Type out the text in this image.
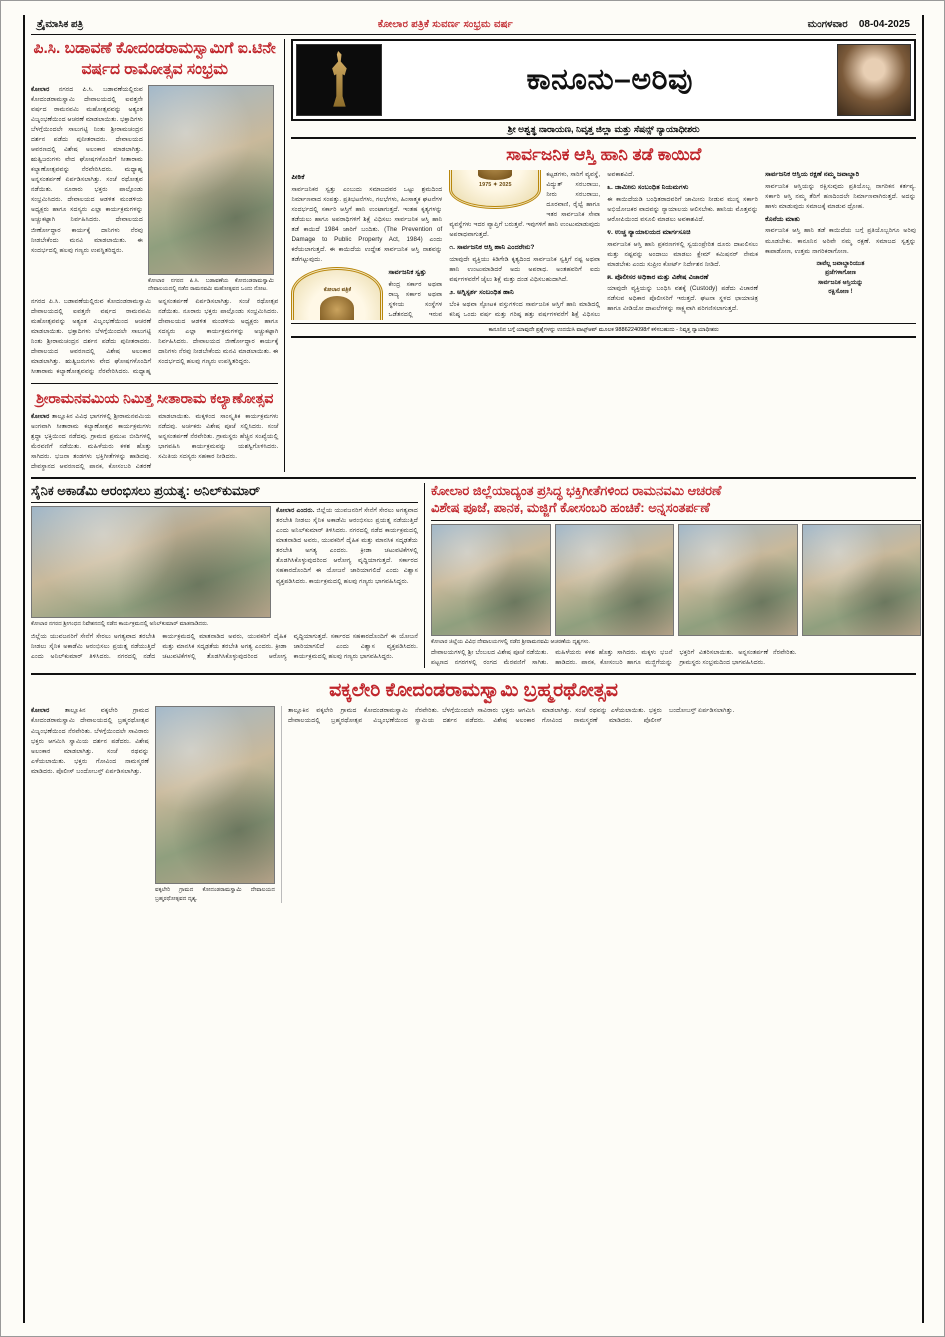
ತ್ರೈಮಾಸಿಕ ಪತ್ರಿ	ಕೋಲಾರ ಪತ್ರಿಕೆ ಸುವರ್ಣ ಸಂಭ್ರಮ ವರ್ಷ	ಮಂಗಳವಾರ 08-04-2025
ಪಿ.ಸಿ. ಬಡಾವಣೆ ಕೋದಂಡರಾಮಸ್ವಾಮಿಗೆ ಐ.ಟಿನೇ ವರ್ಷದ ರಾಮೋತ್ಸವ ಸಂಭ್ರಮ
ಕೋಲಾರ ನಗರದ ಪಿ.ಸಿ. ಬಡಾವಣೆಯಲ್ಲಿರುವ ಕೋದಂಡರಾಮಸ್ವಾಮಿ ದೇವಾಲಯದಲ್ಲಿ ಐವತ್ತನೇ ವರ್ಷದ ರಾಮನವಮಿ ಮಹೋತ್ಸವವನ್ನು ಅತ್ಯಂತ ವಿಜೃಂಭಣೆಯಿಂದ ಆಚರಣೆ ಮಾಡಲಾಯಿತು. ಭಕ್ತಾದಿಗಳು ಬೆಳಗ್ಗೆಯಿಂದಲೇ ಸಾಲುಗಟ್ಟಿ ನಿಂತು ಶ್ರೀರಾಮಚಂದ್ರನ ದರ್ಶನ ಪಡೆದು ಪುನೀತರಾದರು. ದೇವಾಲಯದ ಆವರಣದಲ್ಲಿ ವಿಶೇಷ ಅಲಂಕಾರ ಮಾಡಲಾಗಿತ್ತು. ಋತ್ವಿಜರುಗಳು ವೇದ ಘೋಷಗಳೊಂದಿಗೆ ಸೀತಾರಾಮ ಕಲ್ಯಾಣೋತ್ಸವವನ್ನು ನೆರವೇರಿಸಿದರು. ಮಧ್ಯಾಹ್ನ ಅನ್ನಸಂತರ್ಪಣೆ ಏರ್ಪಡಿಸಲಾಗಿತ್ತು. ಸಂಜೆ ರಥೋತ್ಸವ ನಡೆಯಿತು. ನೂರಾರು ಭಕ್ತರು ಪಾಲ್ಗೊಂಡು ಸಂಭ್ರಮಿಸಿದರು. ದೇವಾಲಯದ ಆಡಳಿತ ಮಂಡಳಿಯ ಅಧ್ಯಕ್ಷರು ಹಾಗೂ ಸದಸ್ಯರು ಎಲ್ಲಾ ಕಾರ್ಯಕ್ರಮಗಳನ್ನು ಅಚ್ಚುಕಟ್ಟಾಗಿ ನಿರ್ವಹಿಸಿದರು. ದೇವಾಲಯದ ಜೀರ್ಣೋದ್ಧಾರ ಕಾರ್ಯಕ್ಕೆ ದಾನಿಗಳು ನೆರವು ನೀಡಬೇಕೆಂದು ಮನವಿ ಮಾಡಲಾಯಿತು. ಈ ಸಂದರ್ಭದಲ್ಲಿ ಹಲವು ಗಣ್ಯರು ಉಪಸ್ಥಿತರಿದ್ದರು.
ಕೋಲಾರ ನಗರದ ಪಿ.ಸಿ. ಬಡಾವಣೆಯ ಕೋದಂಡರಾಮಸ್ವಾಮಿ ದೇವಾಲಯದಲ್ಲಿ ನಡೆದ ರಾಮನವಮಿ ಮಹೋತ್ಸವದ ಒಂದು ನೋಟ.
ನಗರದ ಪಿ.ಸಿ. ಬಡಾವಣೆಯಲ್ಲಿರುವ ಕೋದಂಡರಾಮಸ್ವಾಮಿ ದೇವಾಲಯದಲ್ಲಿ ಐವತ್ತನೇ ವರ್ಷದ ರಾಮನವಮಿ ಮಹೋತ್ಸವವನ್ನು ಅತ್ಯಂತ ವಿಜೃಂಭಣೆಯಿಂದ ಆಚರಣೆ ಮಾಡಲಾಯಿತು. ಭಕ್ತಾದಿಗಳು ಬೆಳಗ್ಗೆಯಿಂದಲೇ ಸಾಲುಗಟ್ಟಿ ನಿಂತು ಶ್ರೀರಾಮಚಂದ್ರನ ದರ್ಶನ ಪಡೆದು ಪುನೀತರಾದರು. ದೇವಾಲಯದ ಆವರಣದಲ್ಲಿ ವಿಶೇಷ ಅಲಂಕಾರ ಮಾಡಲಾಗಿತ್ತು. ಋತ್ವಿಜರುಗಳು ವೇದ ಘೋಷಗಳೊಂದಿಗೆ ಸೀತಾರಾಮ ಕಲ್ಯಾಣೋತ್ಸವವನ್ನು ನೆರವೇರಿಸಿದರು. ಮಧ್ಯಾಹ್ನ ಅನ್ನಸಂತರ್ಪಣೆ ಏರ್ಪಡಿಸಲಾಗಿತ್ತು. ಸಂಜೆ ರಥೋತ್ಸವ ನಡೆಯಿತು. ನೂರಾರು ಭಕ್ತರು ಪಾಲ್ಗೊಂಡು ಸಂಭ್ರಮಿಸಿದರು. ದೇವಾಲಯದ ಆಡಳಿತ ಮಂಡಳಿಯ ಅಧ್ಯಕ್ಷರು ಹಾಗೂ ಸದಸ್ಯರು ಎಲ್ಲಾ ಕಾರ್ಯಕ್ರಮಗಳನ್ನು ಅಚ್ಚುಕಟ್ಟಾಗಿ ನಿರ್ವಹಿಸಿದರು. ದೇವಾಲಯದ ಜೀರ್ಣೋದ್ಧಾರ ಕಾರ್ಯಕ್ಕೆ ದಾನಿಗಳು ನೆರವು ನೀಡಬೇಕೆಂದು ಮನವಿ ಮಾಡಲಾಯಿತು. ಈ ಸಂದರ್ಭದಲ್ಲಿ ಹಲವು ಗಣ್ಯರು ಉಪಸ್ಥಿತರಿದ್ದರು.
ಶ್ರೀರಾಮನವಮಿಯ ನಿಮಿತ್ತ ಸೀತಾರಾಮ ಕಲ್ಯಾಣೋತ್ಸವ
ಕೋಲಾರ ತಾಲ್ಲೂಕಿನ ವಿವಿಧ ಭಾಗಗಳಲ್ಲಿ ಶ್ರೀರಾಮನವಮಿಯ ಅಂಗವಾಗಿ ಸೀತಾರಾಮ ಕಲ್ಯಾಣೋತ್ಸವ ಕಾರ್ಯಕ್ರಮಗಳು ಶ್ರದ್ಧಾ ಭಕ್ತಿಯಿಂದ ನಡೆದವು. ಗ್ರಾಮದ ಪ್ರಮುಖ ಬೀದಿಗಳಲ್ಲಿ ಮೆರವಣಿಗೆ ನಡೆಯಿತು. ಮಹಿಳೆಯರು ಕಳಶ ಹೊತ್ತು ಸಾಗಿದರು. ಭಜನಾ ತಂಡಗಳು ಭಕ್ತಿಗೀತೆಗಳನ್ನು ಹಾಡಿದವು. ದೇವಸ್ಥಾನದ ಆವರಣದಲ್ಲಿ ಪಾನಕ, ಕೋಸಂಬರಿ ವಿತರಣೆ ಮಾಡಲಾಯಿತು. ಮಕ್ಕಳಿಂದ ಸಾಂಸ್ಕೃತಿಕ ಕಾರ್ಯಕ್ರಮಗಳು ನಡೆದವು. ಅರ್ಚಕರು ವಿಶೇಷ ಪೂಜೆ ಸಲ್ಲಿಸಿದರು. ಸಂಜೆ ಅನ್ನಸಂತರ್ಪಣೆ ನೆರವೇರಿತು. ಗ್ರಾಮಸ್ಥರು ಹೆಚ್ಚಿನ ಸಂಖ್ಯೆಯಲ್ಲಿ ಭಾಗವಹಿಸಿ ಕಾರ್ಯಕ್ರಮವನ್ನು ಯಶಸ್ವಿಗೊಳಿಸಿದರು. ಸಮಿತಿಯ ಸದಸ್ಯರು ಸಹಕಾರ ನೀಡಿದರು.
ಕಾನೂನು–ಅರಿವು
ಶ್ರೀ ಅಶ್ವತ್ಥ ನಾರಾಯಣ, ನಿವೃತ್ತ ಜಿಲ್ಲಾ ಮತ್ತು ಸೆಷನ್ಸ್ ನ್ಯಾಯಾಧೀಶರು
ಸಾರ್ವಜನಿಕ ಆಸ್ತಿ ಹಾನಿ ತಡೆ ಕಾಯಿದೆ
ಪೀಠಿಕೆ
ಸಾರ್ವಜನಿಕರ ಸ್ವತ್ತು ಎಂಬುದು ಸಮಾಜದವರ ಒಟ್ಟು ಶ್ರಮದಿಂದ ನಿರ್ಮಾಣವಾದ ಸಂಪತ್ತು. ಪ್ರತಿಭಟನೆಗಳು, ಗಲಭೆಗಳು, ಹಿಂಸಾತ್ಮಕ ಘಟನೆಗಳ ಸಂದರ್ಭದಲ್ಲಿ ಸರ್ಕಾರಿ ಆಸ್ತಿಗೆ ಹಾನಿ ಉಂಟಾಗುತ್ತದೆ. ಇಂತಹ ಕೃತ್ಯಗಳನ್ನು ತಡೆಯಲು ಹಾಗೂ ಅಪರಾಧಿಗಳಿಗೆ ಶಿಕ್ಷೆ ವಿಧಿಸಲು ಸಾರ್ವಜನಿಕ ಆಸ್ತಿ ಹಾನಿ ತಡೆ ಕಾಯಿದೆ 1984 ಜಾರಿಗೆ ಬಂದಿತು. (The Prevention of Damage to Public Property Act, 1984) ಎಂದು ಕರೆಯಲಾಗುತ್ತದೆ. ಈ ಕಾಯಿದೆಯ ಉದ್ದೇಶ ಸಾರ್ವಜನಿಕ ಆಸ್ತಿ ನಾಶವನ್ನು ತಡೆಗಟ್ಟುವುದು.
ಕೋಲಾರ ಪತ್ರಿಕೆ
1975 ✦ 2025
ಸಾರ್ವಜನಿಕ ಸ್ವತ್ತು
ಕೇಂದ್ರ ಸರ್ಕಾರ ಅಥವಾ ರಾಜ್ಯ ಸರ್ಕಾರ ಅಥವಾ ಸ್ಥಳೀಯ ಸಂಸ್ಥೆಗಳ ಒಡೆತನದಲ್ಲಿ ಇರುವ ಕಟ್ಟಡಗಳು, ಸಾರಿಗೆ ವ್ಯವಸ್ಥೆ, ವಿದ್ಯುತ್ ಸರಬರಾಜು, ನೀರು ಸರಬರಾಜು, ದೂರವಾಣಿ, ರೈಲ್ವೆ ಹಾಗೂ ಇತರ ಸಾರ್ವಜನಿಕ ಸೇವಾ ವ್ಯವಸ್ಥೆಗಳು ಇದರ ವ್ಯಾಪ್ತಿಗೆ ಬರುತ್ತವೆ. ಇವುಗಳಿಗೆ ಹಾನಿ ಉಂಟುಮಾಡುವುದು ಅಪರಾಧವಾಗುತ್ತದೆ.
೧. ಸಾರ್ವಜನಿಕ ಆಸ್ತಿ ಹಾನಿ ಎಂದರೇನು?
ಯಾವುದೇ ವ್ಯಕ್ತಿಯು ಕಿಡಿಗೇಡಿ ಕೃತ್ಯದಿಂದ ಸಾರ್ವಜನಿಕ ಸ್ವತ್ತಿಗೆ ನಷ್ಟ ಅಥವಾ ಹಾನಿ ಉಂಟುಮಾಡಿದರೆ ಅದು ಅಪರಾಧ. ಅಂತಹವರಿಗೆ ಐದು ವರ್ಷಗಳವರೆಗೆ ಜೈಲು ಶಿಕ್ಷೆ ಮತ್ತು ದಂಡ ವಿಧಿಸಬಹುದಾಗಿದೆ.
೨. ಅಗ್ನಿಸ್ಪರ್ಶ ಸಂಬಂಧಿತ ಹಾನಿ
ಬೆಂಕಿ ಅಥವಾ ಸ್ಫೋಟಕ ವಸ್ತುಗಳಿಂದ ಸಾರ್ವಜನಿಕ ಆಸ್ತಿಗೆ ಹಾನಿ ಮಾಡಿದಲ್ಲಿ ಕನಿಷ್ಠ ಒಂದು ವರ್ಷ ಮತ್ತು ಗರಿಷ್ಠ ಹತ್ತು ವರ್ಷಗಳವರೆಗೆ ಶಿಕ್ಷೆ ವಿಧಿಸಲು ಅವಕಾಶವಿದೆ.
೩. ಜಾಮೀನು ಸಂಬಂಧಿತ ನಿಯಮಗಳು
ಈ ಕಾಯಿದೆಯಡಿ ಬಂಧಿತರಾದವರಿಗೆ ಜಾಮೀನು ನೀಡುವ ಮುನ್ನ ಸರ್ಕಾರಿ ಅಭಿಯೋಜಕರ ವಾದವನ್ನು ನ್ಯಾಯಾಲಯ ಆಲಿಸಬೇಕು. ಹಾನಿಯ ಮೊತ್ತವನ್ನು ಆರೋಪಿಯಿಂದ ವಸೂಲಿ ಮಾಡಲು ಅವಕಾಶವಿದೆ.
೪. ಉಚ್ಚ ನ್ಯಾಯಾಲಯದ ಮಾರ್ಗಸೂಚಿ
ಸಾರ್ವಜನಿಕ ಆಸ್ತಿ ಹಾನಿ ಪ್ರಕರಣಗಳಲ್ಲಿ ಸ್ವಯಂಪ್ರೇರಿತ ದೂರು ದಾಖಲಿಸಲು ಮತ್ತು ನಷ್ಟವನ್ನು ಅಂದಾಜು ಮಾಡಲು ಕ್ಲೇಮ್ ಕಮಿಷನರ್ ನೇಮಕ ಮಾಡಬೇಕು ಎಂದು ಸುಪ್ರೀಂ ಕೋರ್ಟ್ ನಿರ್ದೇಶನ ನೀಡಿದೆ.
೫. ಪೊಲೀಸರ ಅಧಿಕಾರ ಮತ್ತು ವಿಶೇಷ ವಿಚಾರಣೆ
ಯಾವುದೇ ವ್ಯಕ್ತಿಯನ್ನು ಬಂಧಿಸಿ ವಶಕ್ಕೆ (Custody) ಪಡೆದು ವಿಚಾರಣೆ ನಡೆಸುವ ಅಧಿಕಾರ ಪೊಲೀಸರಿಗೆ ಇರುತ್ತದೆ. ಘಟನಾ ಸ್ಥಳದ ಛಾಯಾಚಿತ್ರ ಹಾಗೂ ವೀಡಿಯೋ ದಾಖಲೆಗಳನ್ನು ಸಾಕ್ಷ್ಯವಾಗಿ ಪರಿಗಣಿಸಲಾಗುತ್ತದೆ.
ಸಾರ್ವಜನಿಕ ಆಸ್ತಿಯ ರಕ್ಷಣೆ ನಮ್ಮ ಜವಾಬ್ದಾರಿ
ಸಾರ್ವಜನಿಕ ಆಸ್ತಿಯನ್ನು ರಕ್ಷಿಸುವುದು ಪ್ರತಿಯೊಬ್ಬ ನಾಗರಿಕನ ಕರ್ತವ್ಯ. ಸರ್ಕಾರಿ ಆಸ್ತಿ ನಮ್ಮ ತೆರಿಗೆ ಹಣದಿಂದಲೇ ನಿರ್ಮಾಣವಾಗಿರುತ್ತದೆ. ಅದನ್ನು ಹಾಳು ಮಾಡುವುದು ಸಮಾಜಕ್ಕೆ ಮಾಡುವ ದ್ರೋಹ.
ಕೊನೆಯ ಮಾತು
ಸಾರ್ವಜನಿಕ ಆಸ್ತಿ ಹಾನಿ ತಡೆ ಕಾಯಿದೆಯ ಬಗ್ಗೆ ಪ್ರತಿಯೊಬ್ಬರಿಗೂ ಅರಿವು ಮೂಡಬೇಕು. ಕಾನೂನಿನ ಅರಿವೇ ನಮ್ಮ ರಕ್ಷಣೆ. ಸಮಾಜದ ಸ್ವತ್ತನ್ನು ಕಾಪಾಡೋಣ, ಉತ್ತಮ ನಾಗರಿಕರಾಗೋಣ.
ನಾವೆಲ್ಲ ಜವಾಬ್ದಾರಿಯುತ
ಪ್ರಜೆಗಳಾಗೋಣ
ಸಾರ್ವಜನಿಕ ಆಸ್ತಿಯನ್ನು
ರಕ್ಷಿಸೋಣ !
ಕಾನೂನಿನ ಬಗ್ಗೆ ಯಾವುದೇ ಪ್ರಶ್ನೆಗಳನ್ನು ಉದಯಿಸಿ ವಾಟ್ಸ್‌ಆಪ್ ಮೂಲಕ 9886224098ಗೆ ಕಳಿಸಬಹುದು - ನಿವೃತ್ತ ನ್ಯಾಯಾಧೀಶರು
ಸೈನಿಕ ಅಕಾಡೆಮಿ ಆರಂಭಿಸಲು ಪ್ರಯತ್ನ: ಅನಿಲ್‌ಕುಮಾರ್
ಕೋಲಾರ ನಗರದ ಶ್ರೀಗಂಧದ ನಿವೇಶನದಲ್ಲಿ ನಡೆದ ಕಾರ್ಯಕ್ರಮದಲ್ಲಿ ಅನಿಲ್‌ಕುಮಾರ್ ಮಾತನಾಡಿದರು.
ಕೋಲಾರ ಎಂದರು. ಜಿಲ್ಲೆಯ ಯುವಜನರಿಗೆ ಸೇನೆಗೆ ಸೇರಲು ಅಗತ್ಯವಾದ ತರಬೇತಿ ನೀಡಲು ಸೈನಿಕ ಅಕಾಡೆಮಿ ಆರಂಭಿಸಲು ಪ್ರಯತ್ನ ನಡೆಯುತ್ತಿದೆ ಎಂದು ಅನಿಲ್‌ಕುಮಾರ್ ತಿಳಿಸಿದರು. ನಗರದಲ್ಲಿ ನಡೆದ ಕಾರ್ಯಕ್ರಮದಲ್ಲಿ ಮಾತನಾಡಿದ ಅವರು, ಯುವಕರಿಗೆ ದೈಹಿಕ ಮತ್ತು ಮಾನಸಿಕ ಸದೃಢತೆಯ ತರಬೇತಿ ಅಗತ್ಯ ಎಂದರು. ಕ್ರೀಡಾ ಚಟುವಟಿಕೆಗಳಲ್ಲಿ ತೊಡಗಿಸಿಕೊಳ್ಳುವುದರಿಂದ ಆರೋಗ್ಯ ವೃದ್ಧಿಯಾಗುತ್ತದೆ. ಸರ್ಕಾರದ ಸಹಕಾರದೊಂದಿಗೆ ಈ ಯೋಜನೆ ಜಾರಿಯಾಗಲಿದೆ ಎಂದು ವಿಶ್ವಾಸ ವ್ಯಕ್ತಪಡಿಸಿದರು. ಕಾರ್ಯಕ್ರಮದಲ್ಲಿ ಹಲವು ಗಣ್ಯರು ಭಾಗವಹಿಸಿದ್ದರು.
ಜಿಲ್ಲೆಯ ಯುವಜನರಿಗೆ ಸೇನೆಗೆ ಸೇರಲು ಅಗತ್ಯವಾದ ತರಬೇತಿ ನೀಡಲು ಸೈನಿಕ ಅಕಾಡೆಮಿ ಆರಂಭಿಸಲು ಪ್ರಯತ್ನ ನಡೆಯುತ್ತಿದೆ ಎಂದು ಅನಿಲ್‌ಕುಮಾರ್ ತಿಳಿಸಿದರು. ನಗರದಲ್ಲಿ ನಡೆದ ಕಾರ್ಯಕ್ರಮದಲ್ಲಿ ಮಾತನಾಡಿದ ಅವರು, ಯುವಕರಿಗೆ ದೈಹಿಕ ಮತ್ತು ಮಾನಸಿಕ ಸದೃಢತೆಯ ತರಬೇತಿ ಅಗತ್ಯ ಎಂದರು. ಕ್ರೀಡಾ ಚಟುವಟಿಕೆಗಳಲ್ಲಿ ತೊಡಗಿಸಿಕೊಳ್ಳುವುದರಿಂದ ಆರೋಗ್ಯ ವೃದ್ಧಿಯಾಗುತ್ತದೆ. ಸರ್ಕಾರದ ಸಹಕಾರದೊಂದಿಗೆ ಈ ಯೋಜನೆ ಜಾರಿಯಾಗಲಿದೆ ಎಂದು ವಿಶ್ವಾಸ ವ್ಯಕ್ತಪಡಿಸಿದರು. ಕಾರ್ಯಕ್ರಮದಲ್ಲಿ ಹಲವು ಗಣ್ಯರು ಭಾಗವಹಿಸಿದ್ದರು.
ಕೋಲಾರ ಜಿಲ್ಲೆಯಾದ್ಯಂತ ಪ್ರಸಿದ್ಧ ಭಕ್ತಿಗೀತೆಗಳಿಂದ ರಾಮನವಮಿ ಆಚರಣೆ
ವಿಶೇಷ ಪೂಜೆ, ಪಾನಕ, ಮಜ್ಜಿಗೆ ಕೋಸಂಬರಿ ಹಂಚಿಕೆ: ಅನ್ನಸಂತರ್ಪಣೆ
ಕೋಲಾರ ಜಿಲ್ಲೆಯ ವಿವಿಧ ದೇವಾಲಯಗಳಲ್ಲಿ ನಡೆದ ಶ್ರೀರಾಮನವಮಿ ಆಚರಣೆಯ ದೃಶ್ಯಗಳು.
ದೇವಾಲಯಗಳಲ್ಲಿ ಶ್ರೀ ಬೆಂಬಲದ ವಿಶೇಷ ಪೂಜೆ ನಡೆಯಿತು. ಪಟ್ಟಣದ ನಗರಗಳಲ್ಲಿ ರಂಗದ ಮೆರವಣಿಗೆ ಸಾಗಿತು. ಮಹಿಳೆಯರು ಕಳಶ ಹೊತ್ತು ಸಾಗಿದರು. ಮಕ್ಕಳು ಭಜನೆ ಹಾಡಿದರು. ಪಾನಕ, ಕೋಸಂಬರಿ ಹಾಗೂ ಮಜ್ಜಿಗೆಯನ್ನು ಭಕ್ತರಿಗೆ ವಿತರಿಸಲಾಯಿತು. ಅನ್ನಸಂತರ್ಪಣೆ ನೆರವೇರಿತು. ಗ್ರಾಮಸ್ಥರು ಸಂಭ್ರಮದಿಂದ ಭಾಗವಹಿಸಿದರು.
ವಕ್ಕಲೇರಿ ಕೋದಂಡರಾಮಸ್ವಾಮಿ ಬ್ರಹ್ಮರಥೋತ್ಸವ
ಕೋಲಾರ ತಾಲ್ಲೂಕಿನ ವಕ್ಕಲೇರಿ ಗ್ರಾಮದ ಕೋದಂಡರಾಮಸ್ವಾಮಿ ದೇವಾಲಯದಲ್ಲಿ ಬ್ರಹ್ಮರಥೋತ್ಸವ ವಿಜೃಂಭಣೆಯಿಂದ ನೆರವೇರಿತು. ಬೆಳಗ್ಗೆಯಿಂದಲೇ ಸಾವಿರಾರು ಭಕ್ತರು ಆಗಮಿಸಿ ಸ್ವಾಮಿಯ ದರ್ಶನ ಪಡೆದರು. ವಿಶೇಷ ಅಲಂಕಾರ ಮಾಡಲಾಗಿತ್ತು. ಸಂಜೆ ರಥವನ್ನು ಎಳೆಯಲಾಯಿತು. ಭಕ್ತರು ಗೋವಿಂದ ನಾಮಸ್ಮರಣೆ ಮಾಡಿದರು. ಪೊಲೀಸ್ ಬಂದೋಬಸ್ತ್ ಏರ್ಪಡಿಸಲಾಗಿತ್ತು.
ವಕ್ಕಲೇರಿ ಗ್ರಾಮದ ಕೋದಂಡರಾಮಸ್ವಾಮಿ ದೇವಾಲಯದ ಬ್ರಹ್ಮರಥೋತ್ಸವದ ದೃಶ್ಯ.
ತಾಲ್ಲೂಕಿನ ವಕ್ಕಲೇರಿ ಗ್ರಾಮದ ಕೋದಂಡರಾಮಸ್ವಾಮಿ ದೇವಾಲಯದಲ್ಲಿ ಬ್ರಹ್ಮರಥೋತ್ಸವ ವಿಜೃಂಭಣೆಯಿಂದ ನೆರವೇರಿತು. ಬೆಳಗ್ಗೆಯಿಂದಲೇ ಸಾವಿರಾರು ಭಕ್ತರು ಆಗಮಿಸಿ ಸ್ವಾಮಿಯ ದರ್ಶನ ಪಡೆದರು. ವಿಶೇಷ ಅಲಂಕಾರ ಮಾಡಲಾಗಿತ್ತು. ಸಂಜೆ ರಥವನ್ನು ಎಳೆಯಲಾಯಿತು. ಭಕ್ತರು ಗೋವಿಂದ ನಾಮಸ್ಮರಣೆ ಮಾಡಿದರು. ಪೊಲೀಸ್ ಬಂದೋಬಸ್ತ್ ಏರ್ಪಡಿಸಲಾಗಿತ್ತು.
